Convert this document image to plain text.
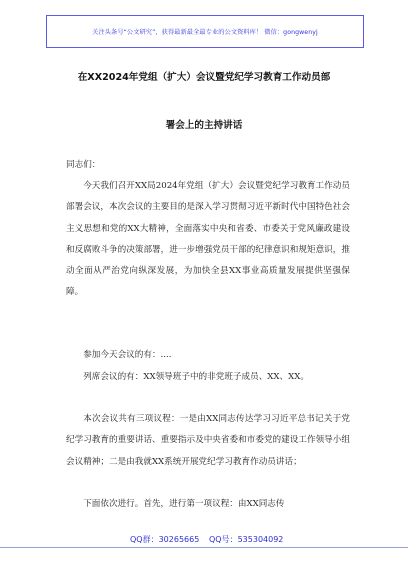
关注头条号“公文研究”，获得最新最全最专业的公文资料库！ 微信：gongwenyj
在XX2024年党组（扩大）会议暨党纪学习教育工作动员部
署会上的主持讲话
同志们：
今天我们召开XX局2024年党组（扩大）会议暨党纪学习教育工作动员部署会议，本次会议的主要目的是深入学习贯彻习近平新时代中国特色社会主义思想和党的XX大精神，全面落实中央和省委、市委关于党风廉政建设和反腐败斗争的决策部署，进一步增强党员干部的纪律意识和规矩意识，推动全面从严治党向纵深发展，为加快全县XX事业高质量发展提供坚强保障。
参加今天会议的有：....
列席会议的有：XX领导班子中的非党班子成员、XX、XX。
本次会议共有三项议程：一是由XX同志传达学习习近平总书记关于党纪学习教育的重要讲话、重要指示及中央省委和市委党的建设工作领导小组会议精神；二是由我就XX系统开展党纪学习教育作动员讲话；
下面依次进行。首先，进行第一项议程：由XX同志传
QQ群：30265665 QQ号：535304092
